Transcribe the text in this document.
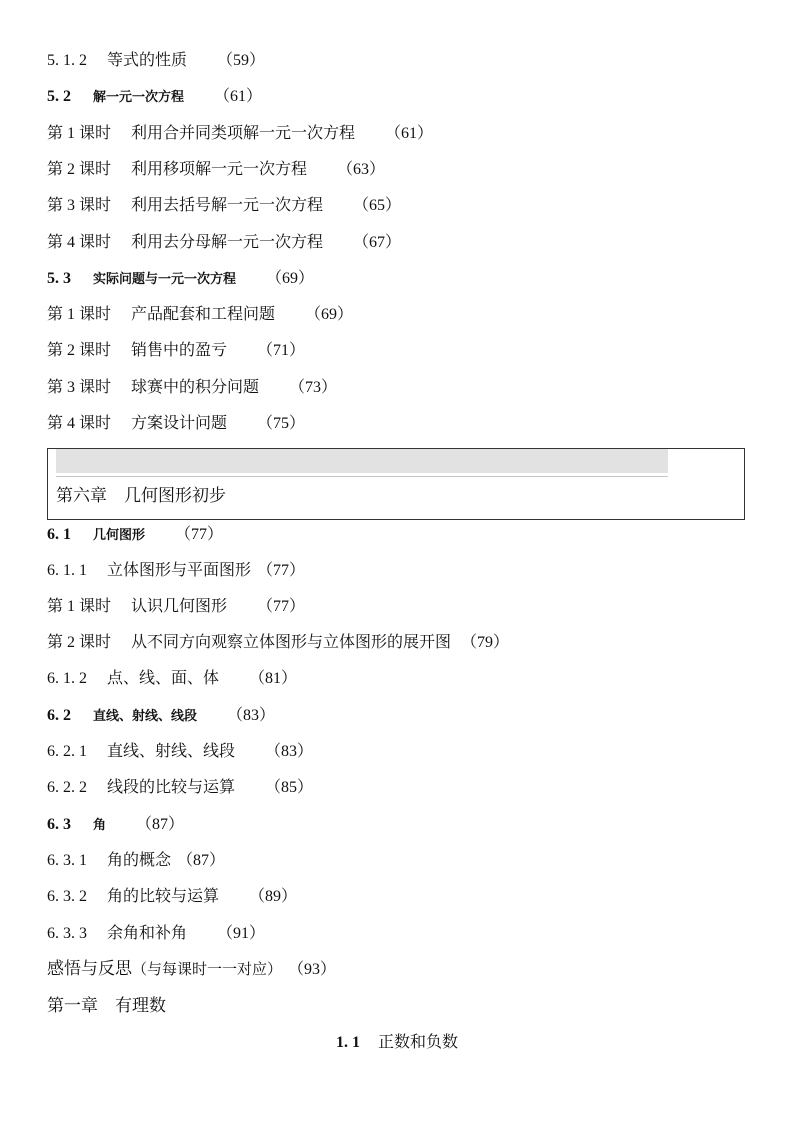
5. 1. 2 等式的性质 （59）
5. 2 解一元一次方程 （61）
第 1 课时 利用合并同类项解一元一次方程 （61）
第 2 课时 利用移项解一元一次方程 （63）
第 3 课时 利用去括号解一元一次方程 （65）
第 4 课时 利用去分母解一元一次方程 （67）
5. 3 实际问题与一元一次方程 （69）
第 1 课时 产品配套和工程问题 （69）
第 2 课时 销售中的盈亏 （71）
第 3 课时 球赛中的积分问题 （73）
第 4 课时 方案设计问题 （75）
第六章　几何图形初步
6. 1 几何图形 （77）
6. 1. 1 立体图形与平面图形 （77）
第 1 课时 认识几何图形 （77）
第 2 课时 从不同方向观察立体图形与立体图形的展开图 （79）
6. 1. 2 点、线、面、体 （81）
6. 2 直线、射线、线段 （83）
6. 2. 1 直线、射线、线段 （83）
6. 2. 2 线段的比较与运算 （85）
6. 3 角 （87）
6. 3. 1 角的概念 （87）
6. 3. 2 角的比较与运算 （89）
6. 3. 3 余角和补角 （91）
感悟与反思（与每课时一一对应） （93）
第一章　有理数
1. 1 正数和负数
